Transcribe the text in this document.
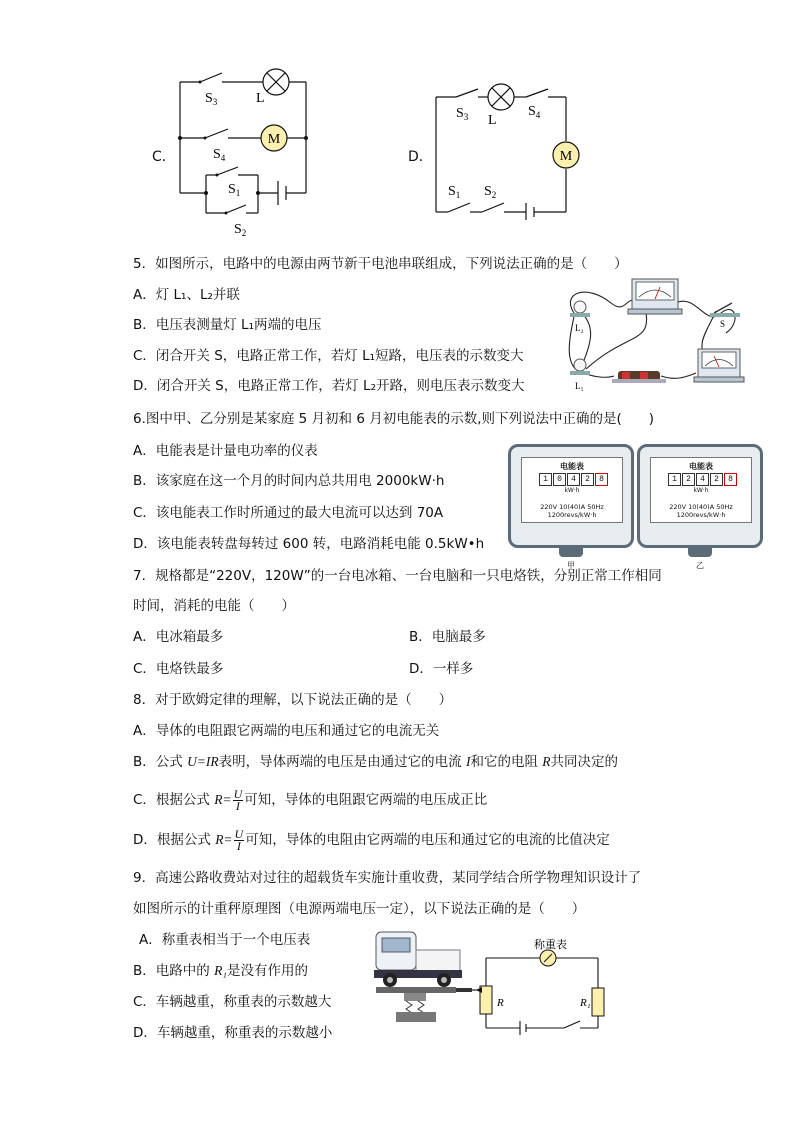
C．
M
$S_3$	L
$S_4$
$S_1$
$S_2$
D．	M
$S_3$ L
$S_4$
$S_1$ $S_2$
5．如图所示，电路中的电源由两节新干电池串联组成，下列说法正确的是（　　）
A．灯 L₁、L₂并联
B．电压表测量灯 L₁两端的电压
C．闭合开关 S，电路正常工作，若灯 L₁短路，电压表的示数变大
D．闭合开关 S，电路正常工作，若灯 L₂开路，则电压表示数变大
L₂
L₁
S
6.图中甲、乙分别是某家庭 5 月初和 6 月初电能表的示数,则下列说法中正确的是(　　)
A．电能表是计量电功率的仪表
B．该家庭在这一个月的时间内总共用电 2000kW·h
C．该电能表工作时所通过的最大电流可以达到 70A
D．该电能表转盘每转过 600 转，电路消耗电能 0.5kW•h
电能表
1	0	4	2	8
kW·h
220V 10(40)A 50Hz
1200revs/kW·h
甲
电能表
1	2	4	2	8
kW·h
220V 10(40)A 50Hz
1200revs/kW·h
乙
7．规格都是“220V，120W”的一台电冰箱、一台电脑和一只电烙铁，分别正常工作相同
时间，消耗的电能（　　）
A．电冰箱最多	B．电脑最多
C．电烙铁最多	D．一样多
8．对于欧姆定律的理解，以下说法正确的是（　　）
A．导体的电阻跟它两端的电压和通过它的电流无关
B．公式 U=IR表明，导体两端的电压是由通过它的电流 I和它的电阻 R共同决定的
C．根据公式 $R= \frac{U}{I}$ 可知，导体的电阻跟它两端的电压成正比
D．根据公式 $R= \frac{U}{I}$ 可知，导体的电阻由它两端的电压和通过它的电流的比值决定
9．高速公路收费站对过往的超载货车实施计重收费，某同学结合所学物理知识设计了
如图所示的计重秤原理图（电源两端电压一定），以下说法正确的是（　　）
A．称重表相当于一个电压表
B．电路中的 R₁是没有作用的
C．车辆越重，称重表的示数越大
D．车辆越重，称重表的示数越小
称重表
R	R₁
